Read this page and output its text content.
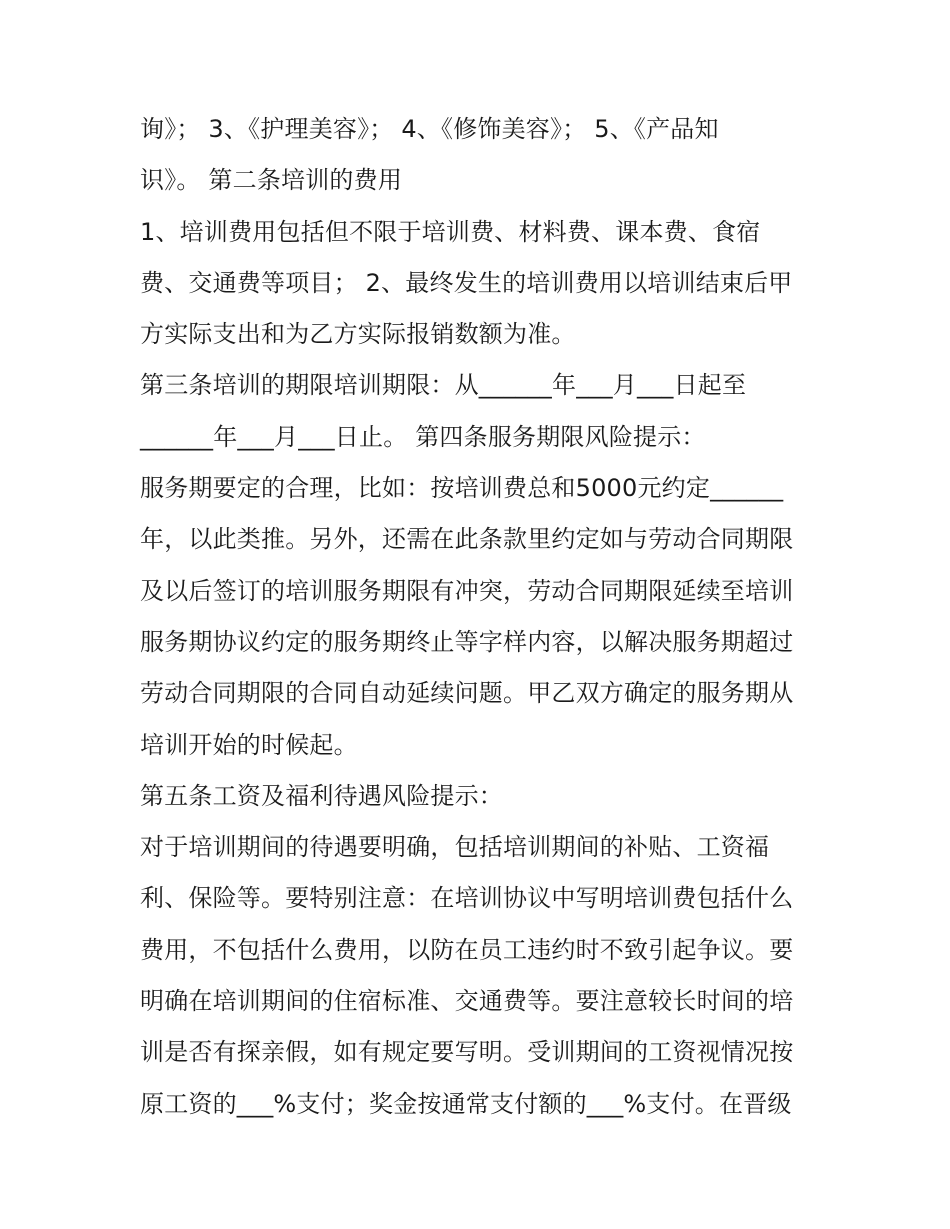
询》； 3、《护理美容》； 4、《修饰美容》； 5、《产品知
识》。 第二条培训的费用
1、培训费用包括但不限于培训费、材料费、课本费、食宿
费、交通费等项目； 2、最终发生的培训费用以培训结束后甲
方实际支出和为乙方实际报销数额为准。
第三条培训的期限培训期限：从______年___月___日起至
______年___月___日止。 第四条服务期限风险提示：
服务期要定的合理，比如：按培训费总和5000元约定______
年，以此类推。另外，还需在此条款里约定如与劳动合同期限
及以后签订的培训服务期限有冲突，劳动合同期限延续至培训
服务期协议约定的服务期终止等字样内容，以解决服务期超过
劳动合同期限的合同自动延续问题。甲乙双方确定的服务期从
培训开始的时候起。
第五条工资及福利待遇风险提示：
对于培训期间的待遇要明确，包括培训期间的补贴、工资福
利、保险等。要特别注意：在培训协议中写明培训费包括什么
费用，不包括什么费用，以防在员工违约时不致引起争议。要
明确在培训期间的住宿标准、交通费等。要注意较长时间的培
训是否有探亲假，如有规定要写明。受训期间的工资视情况按
原工资的___%支付；奖金按通常支付额的___%支付。在晋级
